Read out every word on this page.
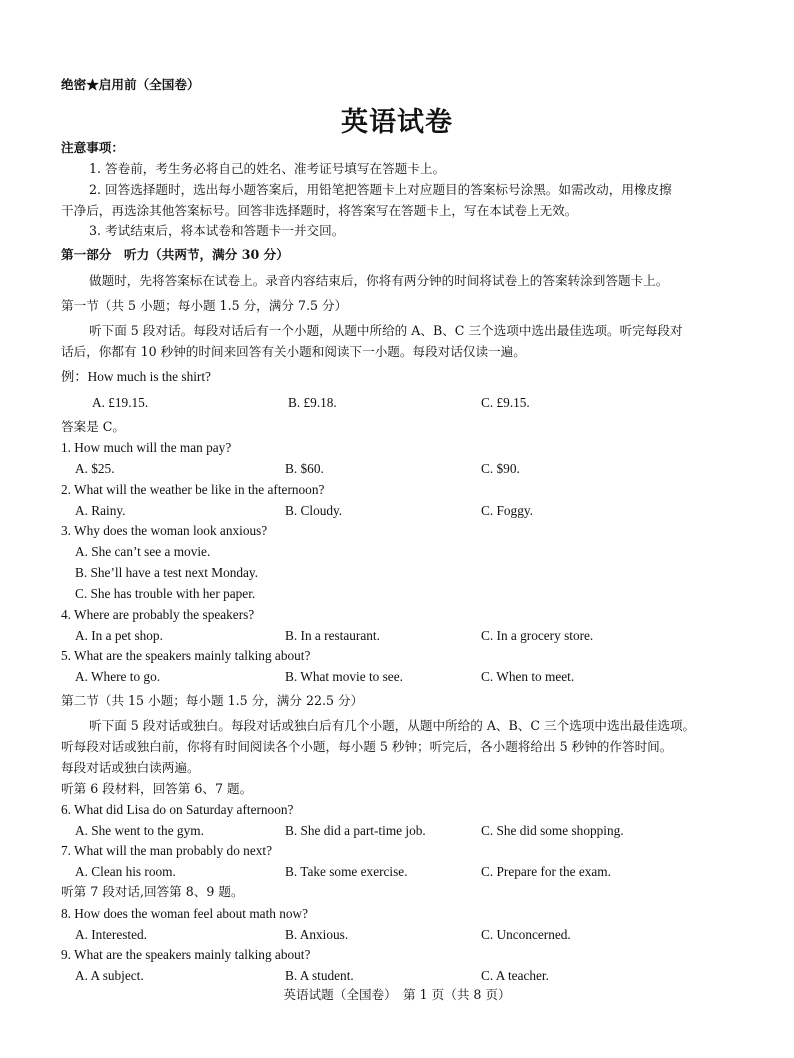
绝密★启用前（全国卷）
英语试卷
注意事项：
1. 答卷前，考生务必将自己的姓名、准考证号填写在答题卡上。
2. 回答选择题时，选出每小题答案后，用铅笔把答题卡上对应题目的答案标号涂黑。如需改动，用橡皮擦
干净后，再选涂其他答案标号。回答非选择题时，将答案写在答题卡上，写在本试卷上无效。
3. 考试结束后，将本试卷和答题卡一并交回。
第一部分　听力（共两节，满分 30 分）
做题时，先将答案标在试卷上。录音内容结束后，你将有两分钟的时间将试卷上的答案转涂到答题卡上。
第一节（共 5 小题；每小题 1.5 分，满分 7.5 分）
听下面 5 段对话。每段对话后有一个小题，从题中所给的 A、B、C 三个选项中选出最佳选项。听完每段对
话后，你都有 10 秒钟的时间来回答有关小题和阅读下一小题。每段对话仅读一遍。
例：How much is the shirt?
A. £19.15.	B. £9.18.	C. £9.15.
答案是 C。
1. How much will the man pay?
A. $25.	B. $60.	C. $90.
2. What will the weather be like in the afternoon?
A. Rainy.	B. Cloudy.	C. Foggy.
3. Why does the woman look anxious?
A. She can’t see a movie.
B. She’ll have a test next Monday.
C. She has trouble with her paper.
4. Where are probably the speakers?
A. In a pet shop.	B. In a restaurant.	C. In a grocery store.
5. What are the speakers mainly talking about?
A. Where to go.	B. What movie to see.	C. When to meet.
第二节（共 15 小题；每小题 1.5 分，满分 22.5 分）
听下面 5 段对话或独白。每段对话或独白后有几个小题，从题中所给的 A、B、C 三个选项中选出最佳选项。
听每段对话或独白前，你将有时间阅读各个小题，每小题 5 秒钟；听完后，各小题将给出 5 秒钟的作答时间。
每段对话或独白读两遍。
听第 6 段材料，回答第 6、7 题。
6. What did Lisa do on Saturday afternoon?
A. She went to the gym.	B. She did a part-time job.	C. She did some shopping.
7. What will the man probably do next?
A. Clean his room.	B. Take some exercise.	C. Prepare for the exam.
听第 7 段对话,回答第 8、9 题。
8. How does the woman feel about math now?
A. Interested.	B. Anxious.	C. Unconcerned.
9. What are the speakers mainly talking about?
A. A subject.	B. A student.	C. A teacher.
英语试题（全国卷）　第 1 页（共 8 页）
